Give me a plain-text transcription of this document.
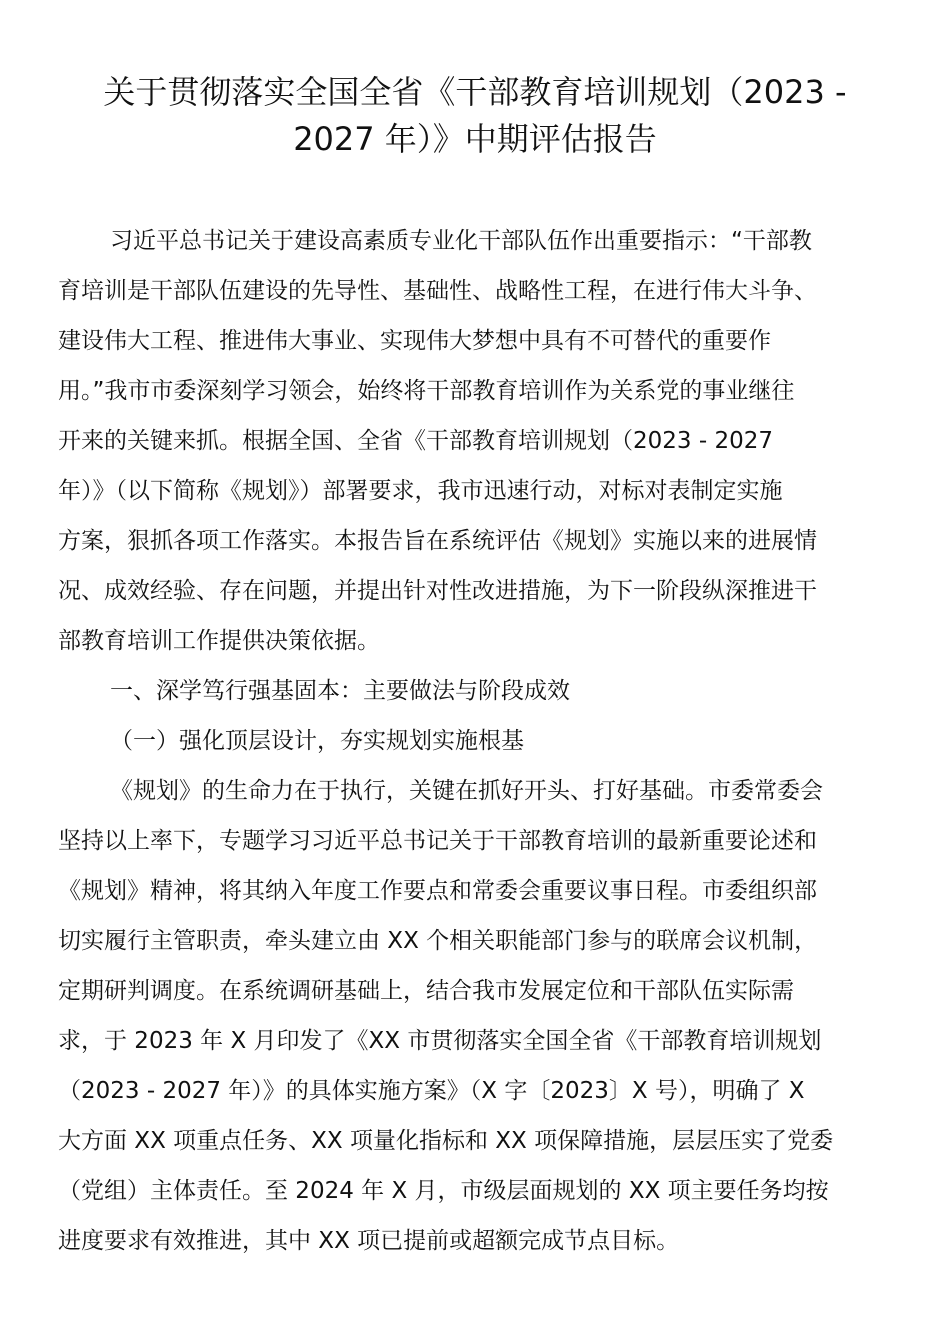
关于贯彻落实全国全省《干部教育培训规划（2023 -
2027 年）》中期评估报告
习近平总书记关于建设高素质专业化干部队伍作出重要指示：“干部教
育培训是干部队伍建设的先导性、基础性、战略性工程，在进行伟大斗争、
建设伟大工程、推进伟大事业、实现伟大梦想中具有不可替代的重要作
用。”我市市委深刻学习领会，始终将干部教育培训作为关系党的事业继往
开来的关键来抓。根据全国、全省《干部教育培训规划（2023 - 2027
年）》（以下简称《规划》）部署要求，我市迅速行动，对标对表制定实施
方案，狠抓各项工作落实。本报告旨在系统评估《规划》实施以来的进展情
况、成效经验、存在问题，并提出针对性改进措施，为下一阶段纵深推进干
部教育培训工作提供决策依据。
一、深学笃行强基固本：主要做法与阶段成效
（一）强化顶层设计，夯实规划实施根基
《规划》的生命力在于执行，关键在抓好开头、打好基础。市委常委会
坚持以上率下，专题学习习近平总书记关于干部教育培训的最新重要论述和
《规划》精神，将其纳入年度工作要点和常委会重要议事日程。市委组织部
切实履行主管职责，牵头建立由 XX 个相关职能部门参与的联席会议机制，
定期研判调度。在系统调研基础上，结合我市发展定位和干部队伍实际需
求，于 2023 年 X 月印发了《XX 市贯彻落实全国全省《干部教育培训规划
（2023 - 2027 年）》的具体实施方案》（X 字〔2023〕X 号），明确了 X
大方面 XX 项重点任务、XX 项量化指标和 XX 项保障措施，层层压实了党委
（党组）主体责任。至 2024 年 X 月，市级层面规划的 XX 项主要任务均按
进度要求有效推进，其中 XX 项已提前或超额完成节点目标。
